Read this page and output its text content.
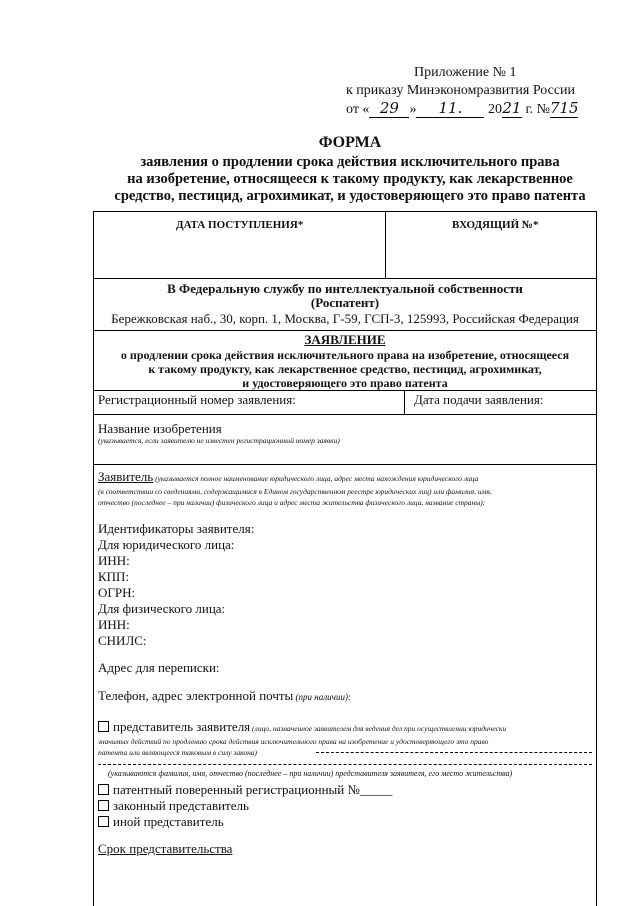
Приложение № 1
к приказу Минэкономразвития России
от « 29 » 11. 2021 г. №715
ФОРМА
заявления о продлении срока действия исключительного права
на изобретение, относящееся к такому продукту, как лекарственное
средство, пестицид, агрохимикат, и удостоверяющего это право патента
ДАТА ПОСТУПЛЕНИЯ*	ВХОДЯЩИЙ №*
В Федеральную службу по интеллектуальной собственности
(Роспатент)
Бережковская наб., 30, корп. 1, Москва, Г-59, ГСП-3, 125993, Российская Федерация
ЗАЯВЛЕНИЕ
о продлении срока действия исключительного права на изобретение, относящееся
к такому продукту, как лекарственное средство, пестицид, агрохимикат,
и удостоверяющего это право патента
Регистрационный номер заявления:	Дата подачи заявления:
Название изобретения
(указывается, если заявителю не известен регистрационный номер заявки)
Заявитель (указывается полное наименование юридического лица, адрес места нахождения юридического лица
(в соответствии со сведениями, содержащимися в Едином государственном реестре юридических лиц) или фамилия, имя,
отчество (последнее – при наличии) физического лица и адрес места жительства физического лица, название страны):
Идентификаторы заявителя:
Для юридического лица:
ИНН:
КПП:
ОГРН:
Для физического лица:
ИНН:
СНИЛС:
Адрес для переписки:
Телефон, адрес электронной почты (при наличии):
представитель заявителя (лицо, назначенное заявителем для ведения дел при осуществлении юридически
значимых действий по продлению срока действия исключительного права на изобретение и удостоверяющего это право
патента или являющееся таковым в силу закона)
(указываются фамилия, имя, отчество (последнее – при наличии) представителя заявителя, его место жительства)
патентный поверенный регистрационный №_____
законный представитель
иной представитель
Срок представительства
